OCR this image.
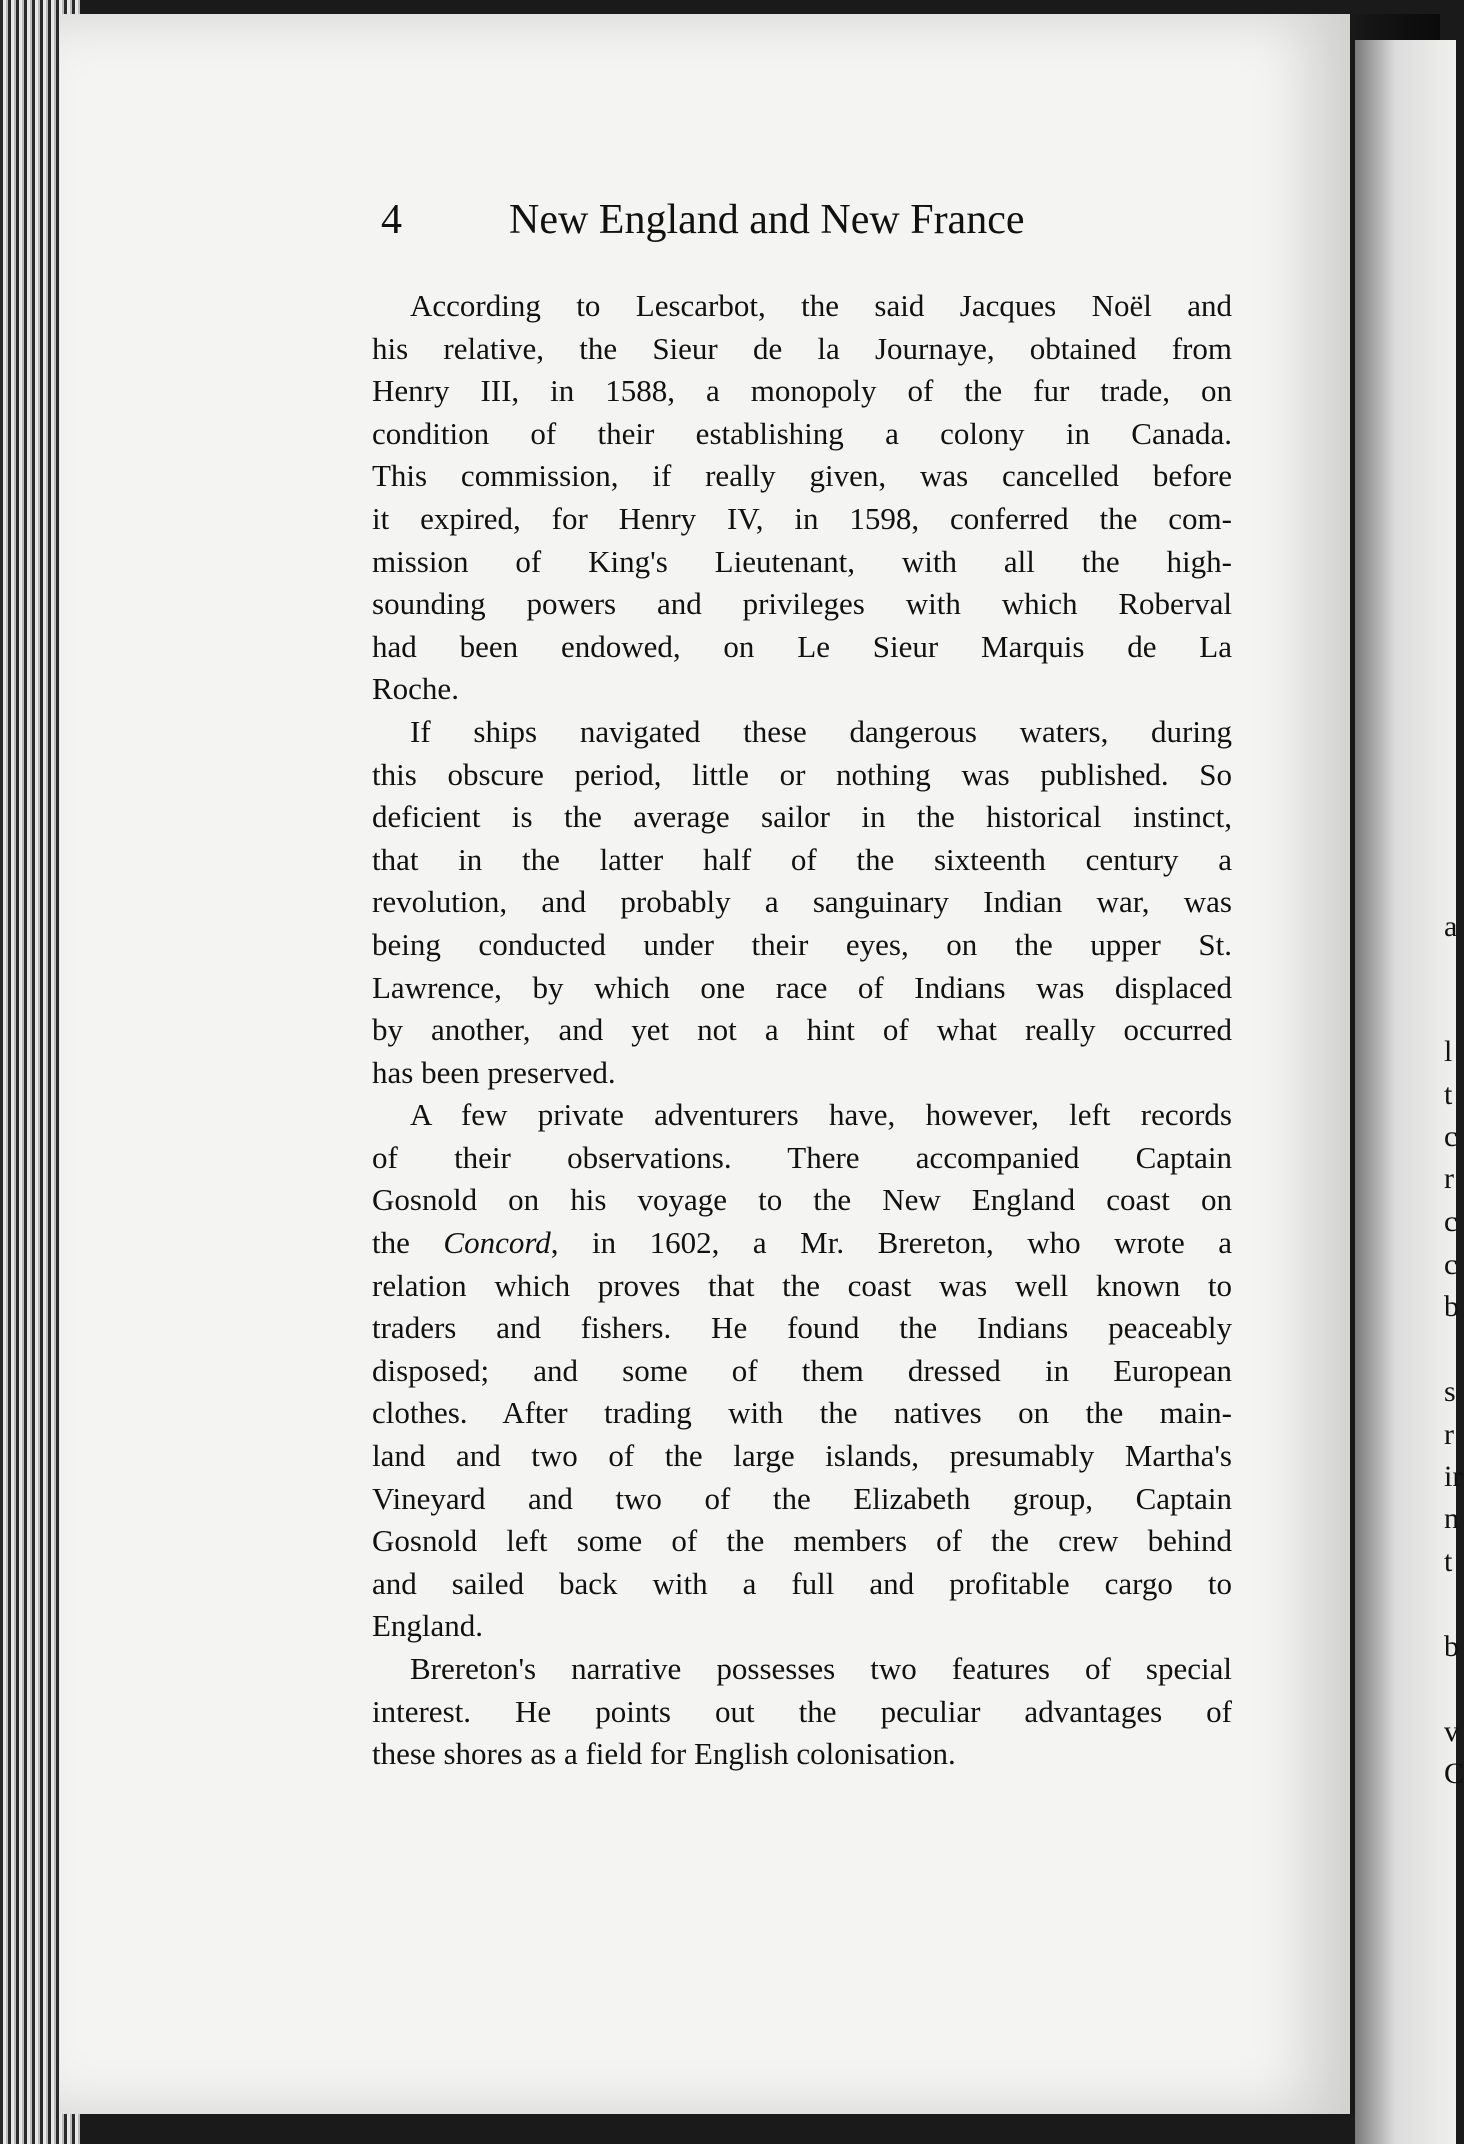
a
l
t
c
r
c
c
b
s
r
ir
n
t
b
v
C
4	New England and New France

According to Lescarbot, the said Jacques Noël and
his relative, the Sieur de la Journaye, obtained from
Henry III, in 1588, a monopoly of the fur trade, on
condition of their establishing a colony in Canada.
This commission, if really given, was cancelled before
it expired, for Henry IV, in 1598, conferred the com-
mission of King's Lieutenant, with all the high-
sounding powers and privileges with which Roberval
had been endowed, on Le Sieur Marquis de La
Roche.

If ships navigated these dangerous waters, during
this obscure period, little or nothing was published. So
deficient is the average sailor in the historical instinct,
that in the latter half of the sixteenth century a
revolution, and probably a sanguinary Indian war, was
being conducted under their eyes, on the upper St.
Lawrence, by which one race of Indians was displaced
by another, and yet not a hint of what really occurred
has been preserved.

A few private adventurers have, however, left records
of their observations. There accompanied Captain
Gosnold on his voyage to the New England coast on
the Concord, in 1602, a Mr. Brereton, who wrote a
relation which proves that the coast was well known to
traders and fishers. He found the Indians peaceably
disposed; and some of them dressed in European
clothes. After trading with the natives on the main-
land and two of the large islands, presumably Martha's
Vineyard and two of the Elizabeth group, Captain
Gosnold left some of the members of the crew behind
and sailed back with a full and profitable cargo to
England.

Brereton's narrative possesses two features of special
interest. He points out the peculiar advantages of
these shores as a field for English colonisation.
